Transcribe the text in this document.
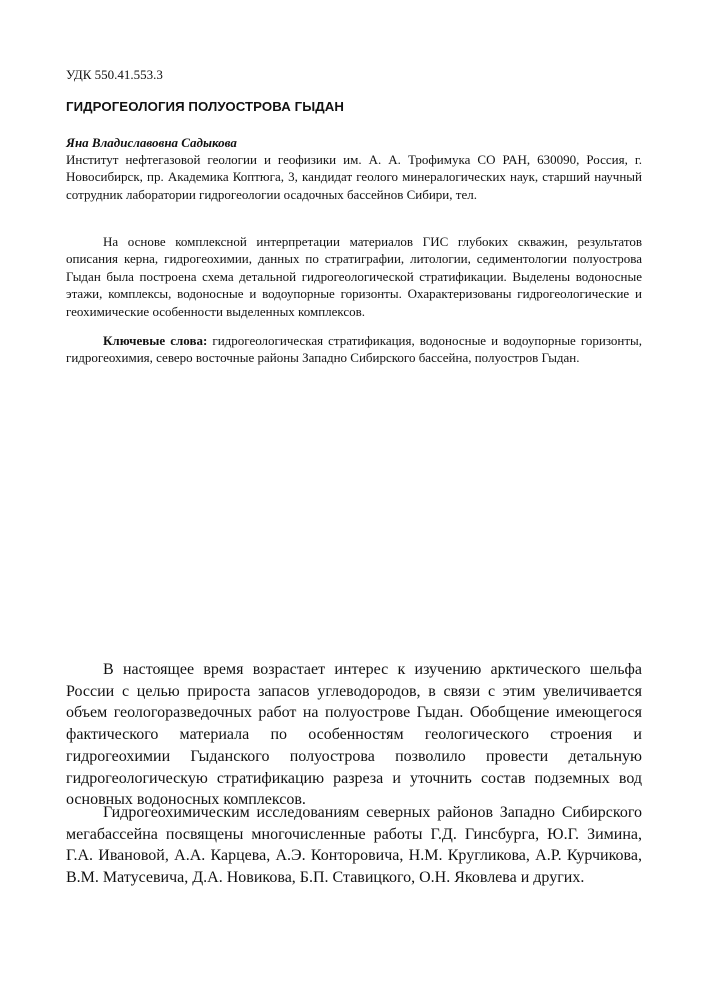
УДК 550.41.553.3
ГИДРОГЕОЛОГИЯ ПОЛУОСТРОВА ГЫДАН
Яна Владиславовна Садыкова
Институт нефтегазовой геологии и геофизики им. А. А. Трофимука СО РАН, 630090, Россия, г. Новосибирск, пр. Академика Коптюга, 3, кандидат геолого минералогических наук, старший научный сотрудник лаборатории гидрогеологии осадочных бассейнов Сибири, тел.

На основе комплексной интерпретации материалов ГИС глубоких скважин, результатов описания керна, гидрогеохимии, данных по стратиграфии, литологии, седиментологии полуострова Гыдан была построена схема детальной гидрогеологической стратификации. Выделены водоносные этажи, комплексы, водоносные и водоупорные горизонты. Охарактеризованы гидрогеологические и геохимические особенности выделенных комплексов.

Ключевые слова: гидрогеологическая стратификация, водоносные и водоупорные горизонты, гидрогеохимия, северо восточные районы Западно Сибирского бассейна, полуостров Гыдан.

В настоящее время возрастает интерес к изучению арктического шельфа России с целью прироста запасов углеводородов, в связи с этим увеличивается объем геологоразведочных работ на полуострове Гыдан. Обобщение имеющегося фактического материала по особенностям геологического строения и гидрогеохимии Гыданского полуострова позволило провести детальную гидрогеологическую стратификацию разреза и уточнить состав подземных вод основных водоносных комплексов.

Гидрогеохимическим исследованиям северных районов Западно Сибирского мегабассейна посвящены многочисленные работы Г.Д. Гинсбурга, Ю.Г. Зимина, Г.А. Ивановой, А.А. Карцева, А.Э. Конторовича, Н.М. Кругликова, А.Р. Курчикова, В.М. Матусевича, Д.А. Новикова, Б.П. Ставицкого, О.Н. Яковлева и других.
